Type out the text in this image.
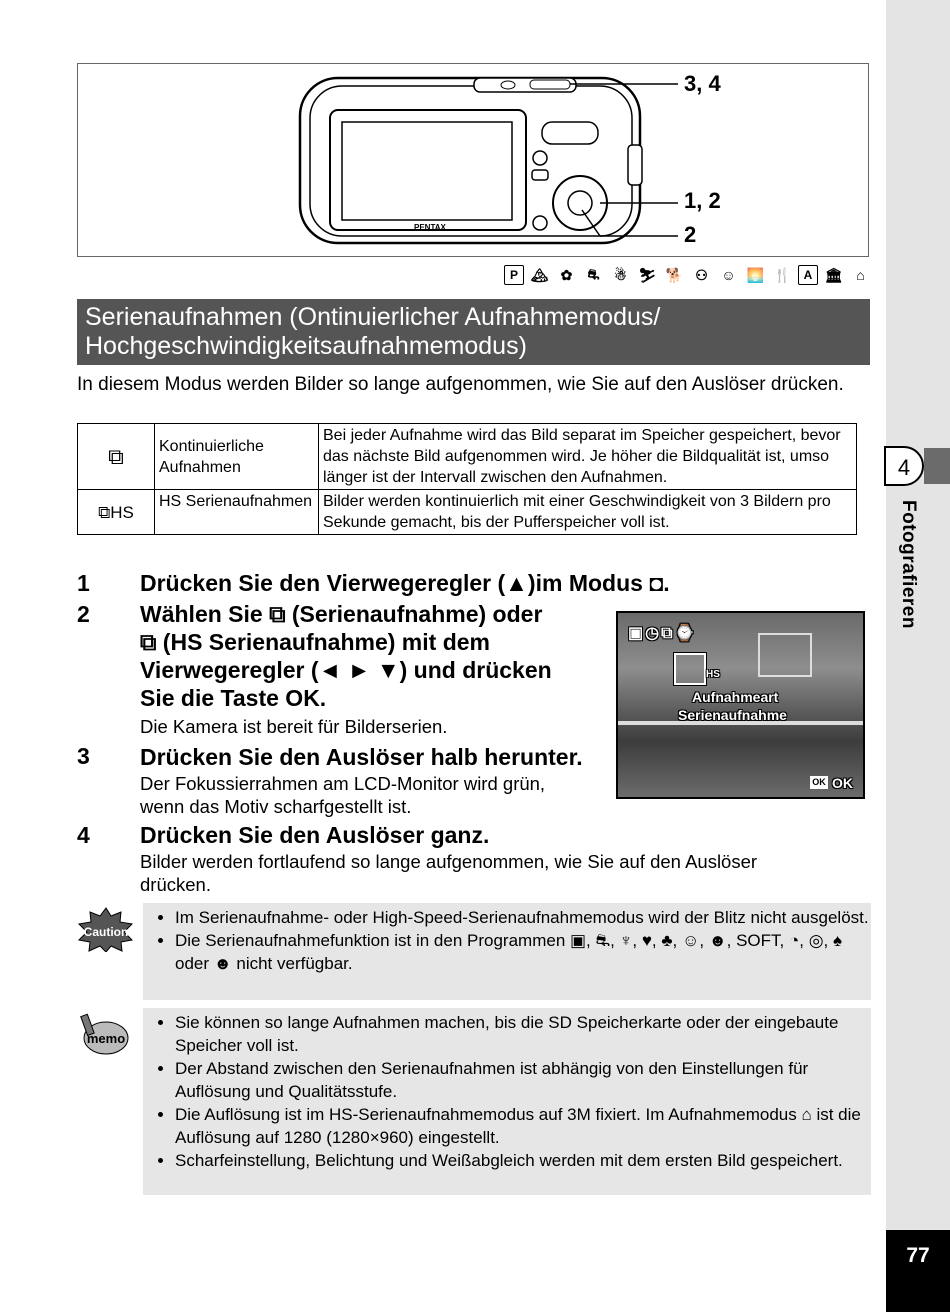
4
Fotografieren
77
PENTAX
3, 4
1, 2
2
P 🏔 ✿	⛐	☃ ⛷ 🐕 ⚇ ☺ 🌅 🍴	A 🏛 ⌂
Serienaufnahmen (Ontinuierlicher Aufnahmemodus/
Hochgeschwindigkeitsaufnahmemodus)
In diesem Modus werden Bilder so lange aufgenommen, wie Sie auf den Auslöser drücken.
⧉	Kontinuierliche Aufnahmen	Bei jeder Aufnahme wird das Bild separat im Speicher gespeichert, bevor das nächste Bild aufgenommen wird. Je höher die Bildqualität ist, umso länger ist der Intervall zwischen den Aufnahmen.
⧉HS	HS Serienaufnahmen	Bilder werden kontinuierlich mit einer Geschwindigkeit von 3 Bildern pro Sekunde gemacht, bis der Pufferspeicher voll ist.
1 Drücken Sie den Vierwegeregler (▲)im Modus ◘.
2 Wählen Sie ⧉ (Serienaufnahme) oder
⧉ (HS Serienaufnahme) mit dem
Vierwegeregler (◄ ► ▼) und drücken
Sie die Taste OK.
Die Kamera ist bereit für Bilderserien.
▣◷⧉⌚
HS
Aufnahmeart
Serienaufnahme
OK OK
3 Drücken Sie den Auslöser halb herunter.
Der Fokussierrahmen am LCD-Monitor wird grün,
wenn das Motiv scharfgestellt ist.
4 Drücken Sie den Auslöser ganz.
Bilder werden fortlaufend so lange aufgenommen, wie Sie auf den Auslöser
drücken.
Caution
• Im Serienaufnahme- oder High-Speed-Serienaufnahmemodus wird der Blitz nicht ausgelöst.
• Die Serienaufnahmefunktion ist in den Programmen ▣, ⛐, ♆, ♥, ♣, ☺, ☻, SOFT, ◔, ◎, ♠ oder ☻ nicht verfügbar.
memo
• Sie können so lange Aufnahmen machen, bis die SD Speicherkarte oder der eingebaute Speicher voll ist.
• Der Abstand zwischen den Serienaufnahmen ist abhängig von den Einstellungen für Auflösung und Qualitätsstufe.
• Die Auflösung ist im HS-Serienaufnahmemodus auf 3M fixiert. Im Aufnahmemodus ⌂ ist die Auflösung auf 1280 (1280×960) eingestellt.
• Scharfeinstellung, Belichtung und Weißabgleich werden mit dem ersten Bild gespeichert.
